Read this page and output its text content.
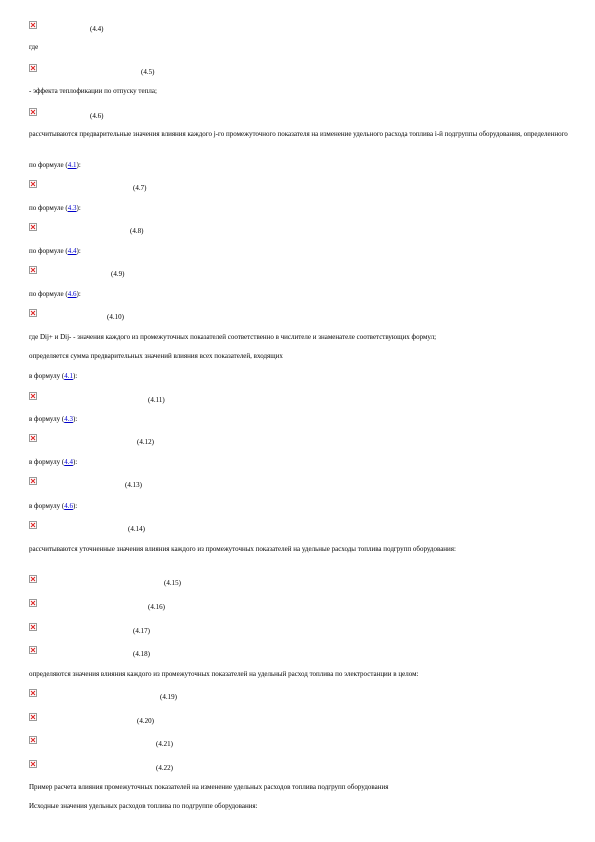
(4.4)
где
(4.5)
- эффекта теплофикации по отпуску тепла;
(4.6)
рассчитываются предварительные значения влияния каждого j-го промежуточного показателя на изменение удельного расхода топлива i-й подгруппы оборудования, определенного
по формуле (4.1):
(4.7)
по формуле (4.3):
(4.8)
по формуле (4.4):
(4.9)
по формуле (4.6):
(4.10)
где Dij+ и Dij- - значения каждого из промежуточных показателей соответственно в числителе и знаменателе соответствующих формул;
определяется сумма предварительных значений влияния всех показателей, входящих
в формулу (4.1):
(4.11)
в формулу (4.3):
(4.12)
в формулу (4.4):
(4.13)
в формулу (4.6):
(4.14)
рассчитываются уточненные значения влияния каждого из промежуточных показателей на удельные расходы топлива подгрупп оборудования:
(4.15)
(4.16)
(4.17)
(4.18)
определяются значения влияния каждого из промежуточных показателей на удельный расход топлива по электростанции в целом:
(4.19)
(4.20)
(4.21)
(4.22)
Пример расчета влияния промежуточных показателей на изменение удельных расходов топлива подгрупп оборудования
Исходные значения удельных расходов топлива по подгруппе оборудования:
